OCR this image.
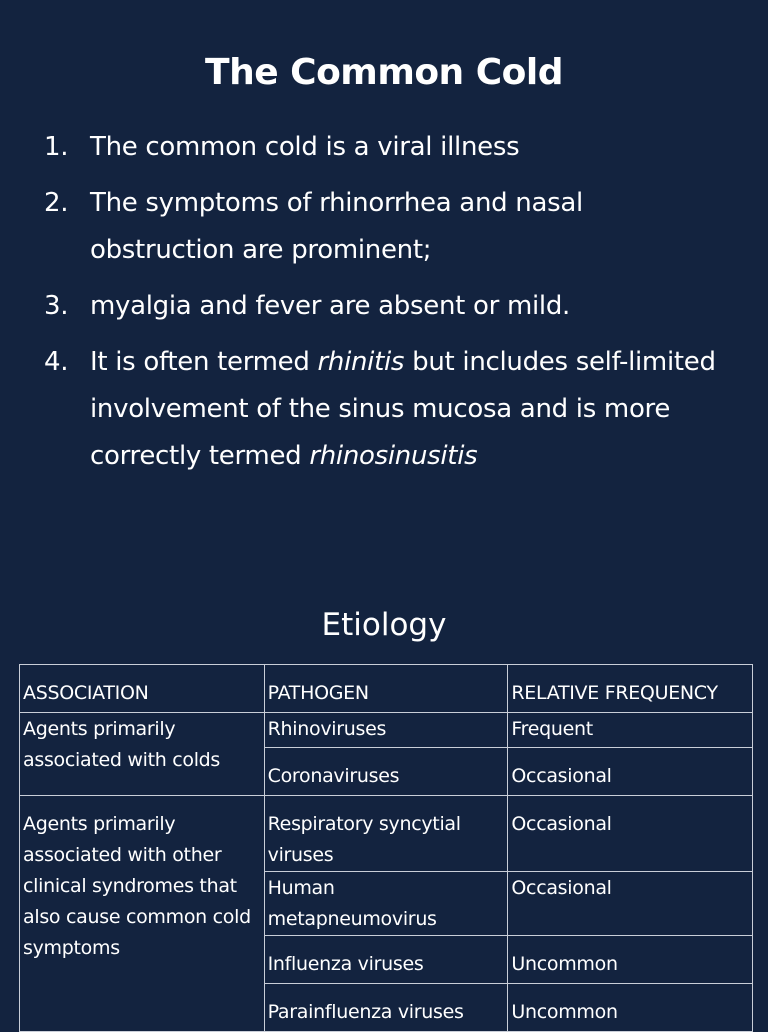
The Common Cold
1. The common cold is a viral illness
2. The symptoms of rhinorrhea and nasal obstruction are prominent;
3. myalgia and fever are absent or mild.
4. It is often termed rhinitis but includes self-limited involvement of the sinus mucosa and is more correctly termed rhinosinusitis
Etiology
ASSOCIATION	PATHOGEN	RELATIVE FREQUENCY
Agents primarily associated with colds	Rhinoviruses	Frequent
	Coronaviruses	Occasional
Agents primarily associated with other clinical syndromes that also cause common cold symptoms	Respiratory syncytial viruses	Occasional
	Human metapneumovirus	Occasional
	Influenza viruses	Uncommon
	Parainfluenza viruses	Uncommon
